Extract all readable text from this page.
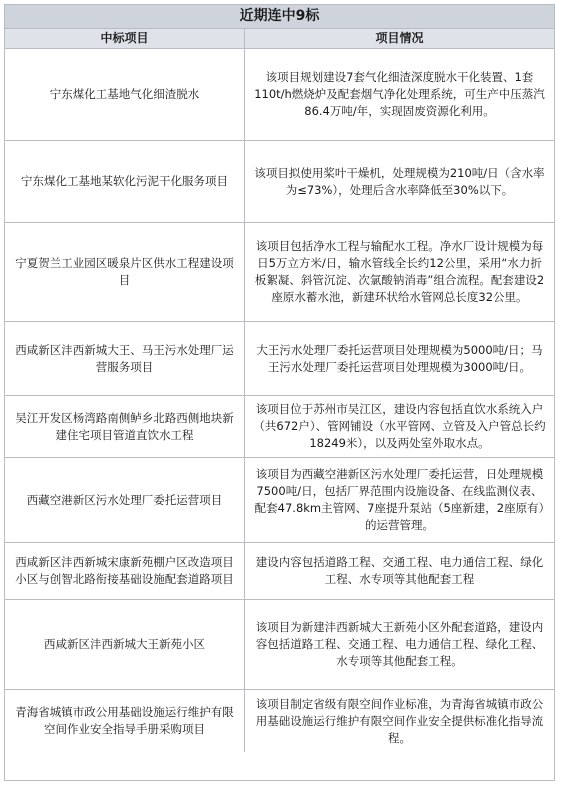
近期连中9标
中标项目	项目情况
宁东煤化工基地气化细渣脱水
该项目规划建设7套气化细渣深度脱水干化装置、1套110t/h燃烧炉及配套烟气净化处理系统，可生产中压蒸汽86.4万吨/年，实现固废资源化利用。
宁东煤化工基地某软化污泥干化服务项目
该项目拟使用桨叶干燥机，处理规模为210吨/日（含水率为≤73%），处理后含水率降低至30%以下。
宁夏贺兰工业园区暖泉片区供水工程建设项目
该项目包括净水工程与输配水工程。净水厂设计规模为每日5万立方米/日，输水管线全长约12公里，采用“水力折板絮凝、斜管沉淀、次氯酸钠消毒”组合流程。配套建设2座原水蓄水池，新建环状给水管网总长度32公里。
西咸新区沣西新城大王、马王污水处理厂运营服务项目
大王污水处理厂委托运营项目处理规模为5000吨/日；马王污水处理厂委托运营项目处理规模为3000吨/日。
吴江开发区杨湾路南侧鲈乡北路西侧地块新建住宅项目管道直饮水工程
该项目位于苏州市吴江区，建设内容包括直饮水系统入户（共672户）、管网铺设（水平管网、立管及入户管总长约18249米），以及两处室外取水点。
西藏空港新区污水处理厂委托运营项目
该项目为西藏空港新区污水处理厂委托运营，日处理规模7500吨/日，包括厂界范围内设施设备、在线监测仪表、配套47.8km主管网、7座提升泵站（5座新建，2座原有）的运营管理。
西咸新区沣西新城宋康新苑棚户区改造项目小区与创智北路衔接基础设施配套道路项目
建设内容包括道路工程、交通工程、电力通信工程、绿化工程、水专项等其他配套工程
西咸新区沣西新城大王新苑小区
该项目为新建沣西新城大王新苑小区外配套道路，建设内容包括道路工程、交通工程、电力通信工程、绿化工程、水专项等其他配套工程。
青海省城镇市政公用基础设施运行维护有限空间作业安全指导手册采购项目
该项目制定省级有限空间作业标准，为青海省城镇市政公用基础设施运行维护有限空间作业安全提供标准化指导流程。
